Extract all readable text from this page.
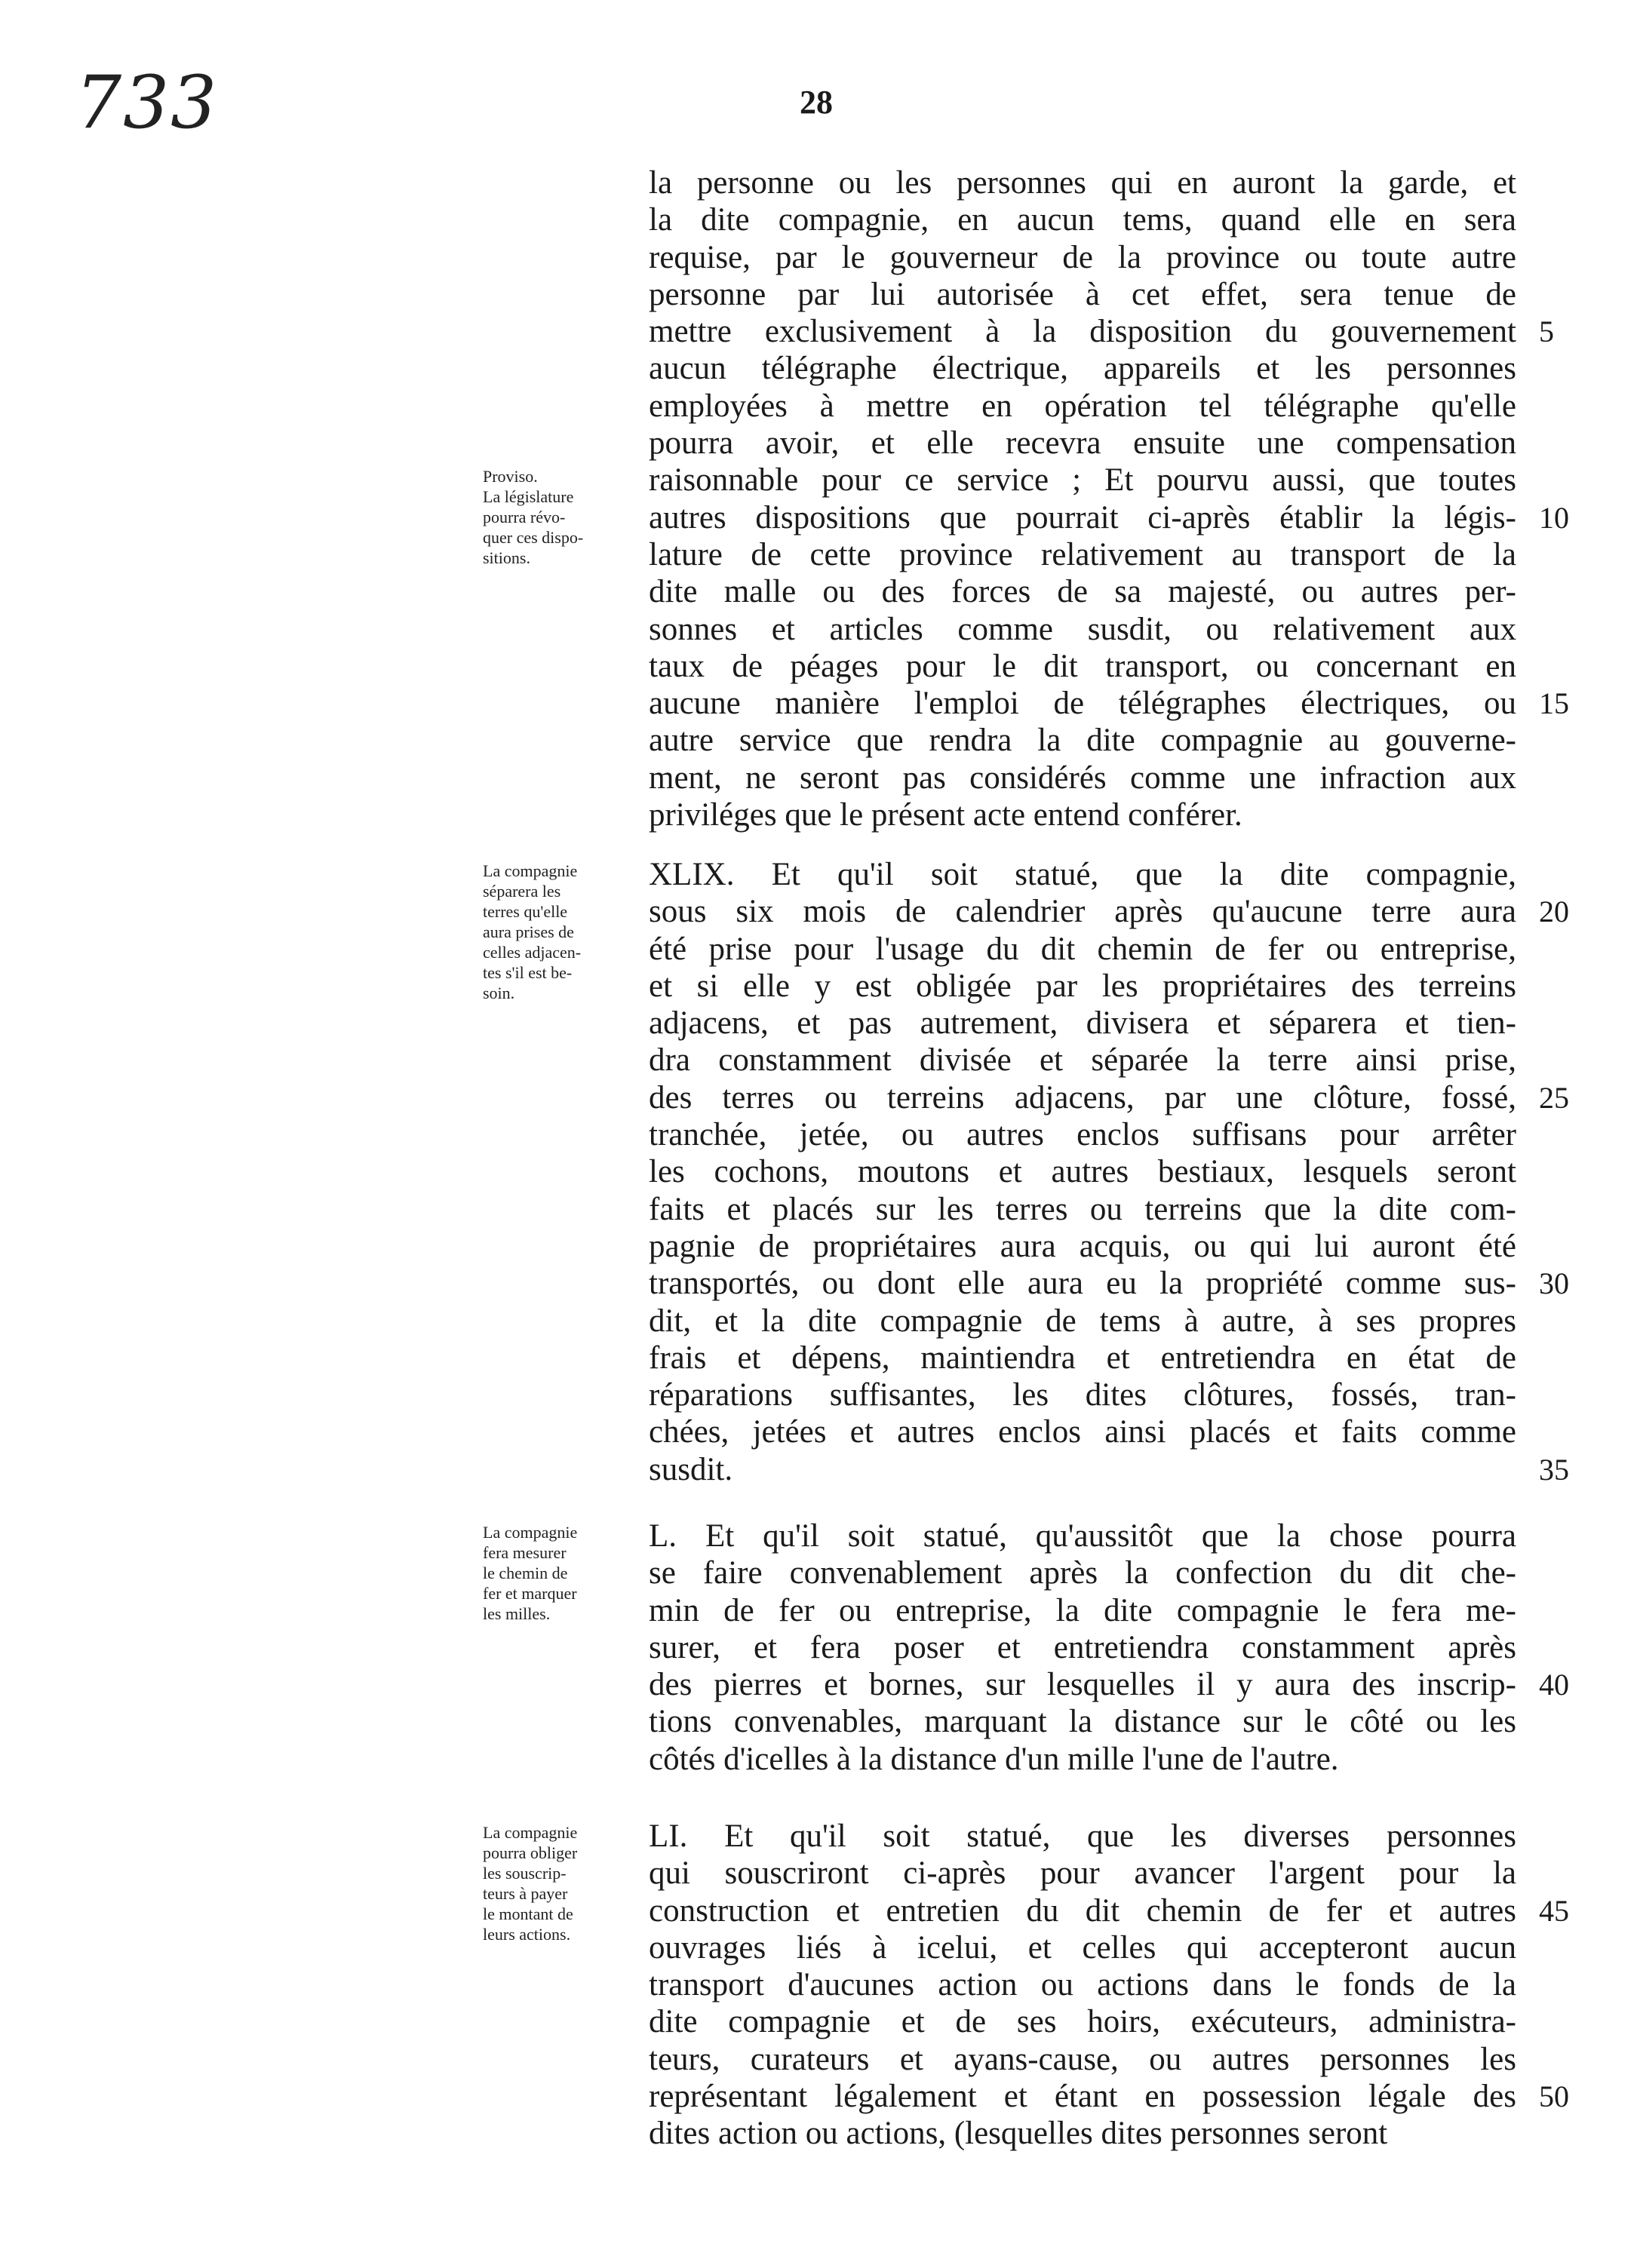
733	28
la personne ou les personnes qui en auront la garde, et
la dite compagnie, en aucun tems, quand elle en sera
requise, par le gouverneur de la province ou toute autre
personne par lui autorisée à cet effet, sera tenue de
mettre exclusivement à la disposition du gouvernement
aucun télégraphe électrique, appareils et les personnes
employées à mettre en opération tel télégraphe qu'elle
pourra avoir, et elle recevra ensuite une compensation
raisonnable pour ce service ; Et pourvu aussi, que toutes
autres dispositions que pourrait ci-après établir la légis-
lature de cette province relativement au transport de la
dite malle ou des forces de sa majesté, ou autres per-
sonnes et articles comme susdit, ou relativement aux
taux de péages pour le dit transport, ou concernant en
aucune manière l'emploi de télégraphes électriques, ou
autre service que rendra la dite compagnie au gouverne-
ment, ne seront pas considérés comme une infraction aux
priviléges que le présent acte entend conférer.
5
10
15
Proviso.
La législature
pourra révo-
quer ces dispo-
sitions.
XLIX. Et qu'il soit statué, que la dite compagnie,
sous six mois de calendrier après qu'aucune terre aura
été prise pour l'usage du dit chemin de fer ou entreprise,
et si elle y est obligée par les propriétaires des terreins
adjacens, et pas autrement, divisera et séparera et tien-
dra constamment divisée et séparée la terre ainsi prise,
des terres ou terreins adjacens, par une clôture, fossé,
tranchée, jetée, ou autres enclos suffisans pour arrêter
les cochons, moutons et autres bestiaux, lesquels seront
faits et placés sur les terres ou terreins que la dite com-
pagnie de propriétaires aura acquis, ou qui lui auront été
transportés, ou dont elle aura eu la propriété comme sus-
dit, et la dite compagnie de tems à autre, à ses propres
frais et dépens, maintiendra et entretiendra en état de
réparations suffisantes, les dites clôtures, fossés, tran-
chées, jetées et autres enclos ainsi placés et faits comme
susdit.
20
25
30
35
La compagnie
séparera les
terres qu'elle
aura prises de
celles adjacen-
tes s'il est be-
soin.
L. Et qu'il soit statué, qu'aussitôt que la chose pourra
se faire convenablement après la confection du dit che-
min de fer ou entreprise, la dite compagnie le fera me-
surer, et fera poser et entretiendra constamment après
des pierres et bornes, sur lesquelles il y aura des inscrip-
tions convenables, marquant la distance sur le côté ou les
côtés d'icelles à la distance d'un mille l'une de l'autre.
40
La compagnie
fera mesurer
le chemin de
fer et marquer
les milles.
LI. Et qu'il soit statué, que les diverses personnes
qui souscriront ci-après pour avancer l'argent pour la
construction et entretien du dit chemin de fer et autres
ouvrages liés à icelui, et celles qui accepteront aucun
transport d'aucunes action ou actions dans le fonds de la
dite compagnie et de ses hoirs, exécuteurs, administra-
teurs, curateurs et ayans-cause, ou autres personnes les
représentant légalement et étant en possession légale des
dites action ou actions, (lesquelles dites personnes seront
45
50
La compagnie
pourra obliger
les souscrip-
teurs à payer
le montant de
leurs actions.
